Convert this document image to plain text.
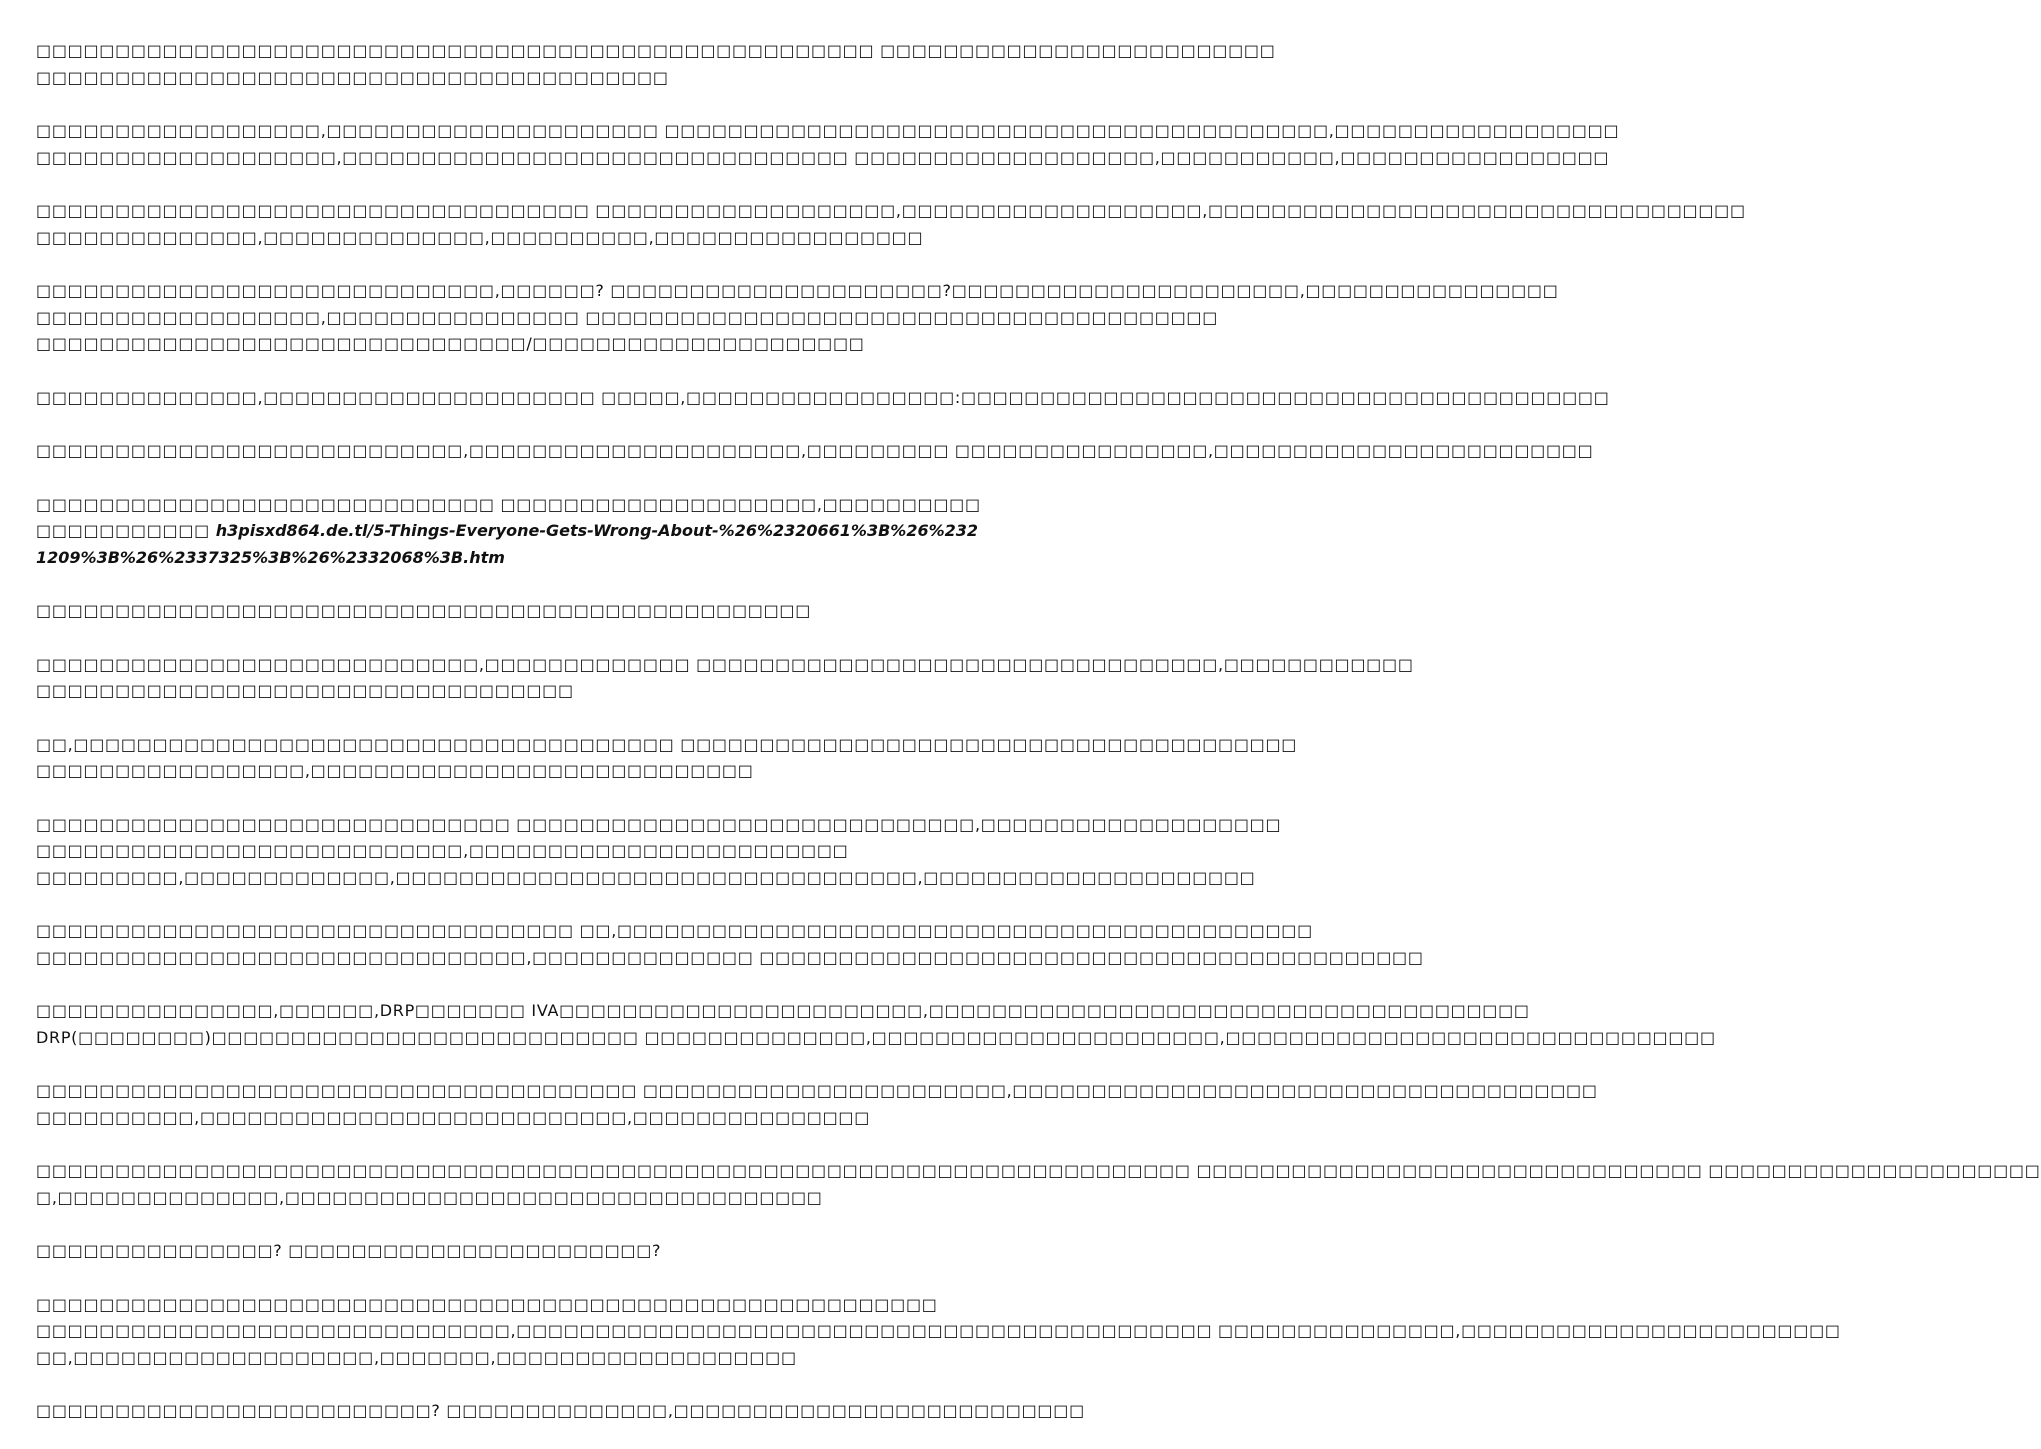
□□□□□□□□□□□□□□□□□□□□□□□□□□□□□□□□□□□□□□□□□□□□□□□□□□□□□ □□□□□□□□□□□□□□□□□□□□□□□□□
□□□□□□□□□□□□□□□□□□□□□□□□□□□□□□□□□□□□□□□□

□□□□□□□□□□□□□□□□□□,□□□□□□□□□□□□□□□□□□□□□ □□□□□□□□□□□□□□□□□□□□□□□□□□□□□□□□□□□□□□□□□□,□□□□□□□□□□□□□□□□□□
□□□□□□□□□□□□□□□□□□□,□□□□□□□□□□□□□□□□□□□□□□□□□□□□□□□□ □□□□□□□□□□□□□□□□□□□,□□□□□□□□□□□,□□□□□□□□□□□□□□□□□

□□□□□□□□□□□□□□□□□□□□□□□□□□□□□□□□□□□ □□□□□□□□□□□□□□□□□□□,□□□□□□□□□□□□□□□□□□□,□□□□□□□□□□□□□□□□□□□□□□□□□□□□□□□□□□
□□□□□□□□□□□□□□,□□□□□□□□□□□□□□,□□□□□□□□□□,□□□□□□□□□□□□□□□□□

□□□□□□□□□□□□□□□□□□□□□□□□□□□□□,□□□□□□? □□□□□□□□□□□□□□□□□□□□□?□□□□□□□□□□□□□□□□□□□□□□,□□□□□□□□□□□□□□□□
□□□□□□□□□□□□□□□□□□,□□□□□□□□□□□□□□□□ □□□□□□□□□□□□□□□□□□□□□□□□□□□□□□□□□□□□□□□□
□□□□□□□□□□□□□□□□□□□□□□□□□□□□□□□/□□□□□□□□□□□□□□□□□□□□□

□□□□□□□□□□□□□□,□□□□□□□□□□□□□□□□□□□□□ □□□□□,□□□□□□□□□□□□□□□□□:□□□□□□□□□□□□□□□□□□□□□□□□□□□□□□□□□□□□□□□□□

□□□□□□□□□□□□□□□□□□□□□□□□□□□,□□□□□□□□□□□□□□□□□□□□□,□□□□□□□□□ □□□□□□□□□□□□□□□□,□□□□□□□□□□□□□□□□□□□□□□□□

□□□□□□□□□□□□□□□□□□□□□□□□□□□□□ □□□□□□□□□□□□□□□□□□□□,□□□□□□□□□□□□□□□□□□□□□ h3pisxd864.de.tl/5-Things-Everyone-Gets-Wrong-About-%26%2320661%3B%26%2321209%3B%26%2337325%3B%26%2332068%3B.htm

□□□□□□□□□□□□□□□□□□□□□□□□□□□□□□□□□□□□□□□□□□□□□□□□□

□□□□□□□□□□□□□□□□□□□□□□□□□□□□,□□□□□□□□□□□□□ □□□□□□□□□□□□□□□□□□□□□□□□□□□□□□□□□,□□□□□□□□□□□□
□□□□□□□□□□□□□□□□□□□□□□□□□□□□□□□□□□

□□,□□□□□□□□□□□□□□□□□□□□□□□□□□□□□□□□□□□□□□ □□□□□□□□□□□□□□□□□□□□□□□□□□□□□□□□□□□□□□□
□□□□□□□□□□□□□□□□□,□□□□□□□□□□□□□□□□□□□□□□□□□□□□

□□□□□□□□□□□□□□□□□□□□□□□□□□□□□□ □□□□□□□□□□□□□□□□□□□□□□□□□□□□□,□□□□□□□□□□□□□□□□□□□
□□□□□□□□□□□□□□□□□□□□□□□□□□□,□□□□□□□□□□□□□□□□□□□□□□□□
□□□□□□□□□,□□□□□□□□□□□□□,□□□□□□□□□□□□□□□□□□□□□□□□□□□□□□□□□,□□□□□□□□□□□□□□□□□□□□□

□□□□□□□□□□□□□□□□□□□□□□□□□□□□□□□□□□ □□,□□□□□□□□□□□□□□□□□□□□□□□□□□□□□□□□□□□□□□□□□□□□
□□□□□□□□□□□□□□□□□□□□□□□□□□□□□□□,□□□□□□□□□□□□□□ □□□□□□□□□□□□□□□□□□□□□□□□□□□□□□□□□□□□□□□□□□

□□□□□□□□□□□□□□□,□□□□□□,DRP□□□□□□□ IVA□□□□□□□□□□□□□□□□□□□□□□□,□□□□□□□□□□□□□□□□□□□□□□□□□□□□□□□□□□□□□□
DRP(□□□□□□□□)□□□□□□□□□□□□□□□□□□□□□□□□□□□ □□□□□□□□□□□□□□,□□□□□□□□□□□□□□□□□□□□□□,□□□□□□□□□□□□□□□□□□□□□□□□□□□□□□□

□□□□□□□□□□□□□□□□□□□□□□□□□□□□□□□□□□□□□□ □□□□□□□□□□□□□□□□□□□□□□□,□□□□□□□□□□□□□□□□□□□□□□□□□□□□□□□□□□□□□
□□□□□□□□□□,□□□□□□□□□□□□□□□□□□□□□□□□□□□,□□□□□□□□□□□□□□□

□□□□□□□□□□□□□□□□□□□□□□□□□□□□□□□□□□□□□□□□□□□□□□□□□□□□□□□□□□□□□□□□□□□□□□□□□ □□□□□□□□□□□□□□□□□□□□□□□□□□□□□□□□ □□□□□□□□□□□□□□□□□□□□□
□,□□□□□□□□□□□□□□,□□□□□□□□□□□□□□□□□□□□□□□□□□□□□□□□□□

□□□□□□□□□□□□□□□? □□□□□□□□□□□□□□□□□□□□□□□?

□□□□□□□□□□□□□□□□□□□□□□□□□□□□□□□□□□□□□□□□□□□□□□□□□□□□□□□□□
□□□□□□□□□□□□□□□□□□□□□□□□□□□□□□,□□□□□□□□□□□□□□□□□□□□□□□□□□□□□□□□□□□□□□□□□□□□ □□□□□□□□□□□□□□□,□□□□□□□□□□□□□□□□□□□□□□□□
□□,□□□□□□□□□□□□□□□□□□□,□□□□□□□,□□□□□□□□□□□□□□□□□□□

□□□□□□□□□□□□□□□□□□□□□□□□□? □□□□□□□□□□□□□□,□□□□□□□□□□□□□□□□□□□□□□□□□□
